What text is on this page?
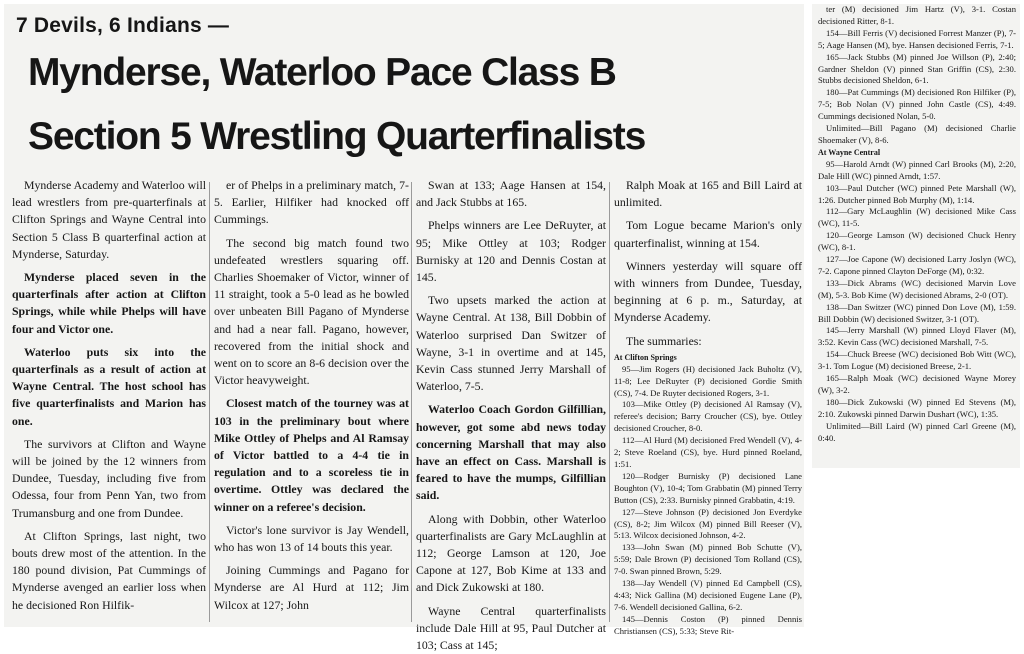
7 Devils, 6 Indians —
Mynderse, Waterloo Pace Class B
Section 5 Wrestling Quarterfinalists

Mynderse Academy and Waterloo will lead wrestlers from pre-quarterfinals at Clifton Springs and Wayne Central into Section 5 Class B quarterfinal action at Mynderse, Saturday.

Mynderse placed seven in the quarterfinals after action at Clifton Springs, while while Phelps will have four and Victor one.

Waterloo puts six into the quarterfinals as a result of action at Wayne Central. The host school has five quarterfinalists and Marion has one.

The survivors at Clifton and Wayne will be joined by the 12 winners from Dundee, Tuesday, including five from Odessa, four from Penn Yan, two from Trumansburg and one from Dundee.

At Clifton Springs, last night, two bouts drew most of the attention. In the 180 pound division, Pat Cummings of Mynderse avenged an earlier loss when he decisioned Ron Hilfik-

er of Phelps in a preliminary match, 7-5. Earlier, Hilfiker had knocked off Cummings.

The second big match found two undefeated wrestlers squaring off. Charlies Shoemaker of Victor, winner of 11 straight, took a 5-0 lead as he bowled over unbeaten Bill Pagano of Mynderse and had a near fall. Pagano, however, recovered from the initial shock and went on to score an 8-6 decision over the Victor heavyweight.

Closest match of the tourney was at 103 in the preliminary bout where Mike Ottley of Phelps and Al Ramsay of Victor battled to a 4-4 tie in regulation and to a scoreless tie in overtime. Ottley was declared the winner on a referee's decision.

Victor's lone survivor is Jay Wendell, who has won 13 of 14 bouts this year.

Joining Cummings and Pagano for Mynderse are Al Hurd at 112; Jim Wilcox at 127; John

Swan at 133; Aage Hansen at 154, and Jack Stubbs at 165.

Phelps winners are Lee DeRuyter, at 95; Mike Ottley at 103; Rodger Burnisky at 120 and Dennis Costan at 145.

Two upsets marked the action at Wayne Central. At 138, Bill Dobbin of Waterloo surprised Dan Switzer of Wayne, 3-1 in overtime and at 145, Kevin Cass stunned Jerry Marshall of Waterloo, 7-5.

Waterloo Coach Gordon Gilfillian, however, got some abd news today concerning Marshall that may also have an effect on Cass. Marshall is feared to have the mumps, Gilfillian said.

Along with Dobbin, other Waterloo quarterfinalists are Gary McLaughlin at 112; George Lamson at 120, Joe Capone at 127, Bob Kime at 133 and and Dick Zukowski at 180.

Wayne Central quarterfinalists include Dale Hill at 95, Paul Dutcher at 103; Cass at 145;

Ralph Moak at 165 and Bill Laird at unlimited.

Tom Logue became Marion's only quarterfinalist, winning at 154.

Winners yesterday will square off with winners from Dundee, Tuesday, beginning at 6 p. m., Saturday, at Mynderse Academy.

The summaries:

At Clifton Springs

95—Jim Rogers (H) decisioned Jack Buholtz (V), 11-8; Lee DeRuyter (P) decisioned Gordie Smith (CS), 7-4. De Ruyter decisioned Rogers, 3-1.

103—Mike Ottley (P) decisioned Al Ramsay (V), referee's decision; Barry Croucher (CS), bye. Ottley decisioned Croucher, 8-0.

112—Al Hurd (M) decisioned Fred Wendell (V), 4-2; Steve Roeland (CS), bye. Hurd pinned Roeland, 1:51.

120—Rodger Burnisky (P) decisioned Lane Boughton (V), 10-4; Tom Grabbatin (M) pinned Terry Button (CS), 2:33. Burnisky pinned Grabbatin, 4:19.

127—Steve Johnson (P) decisioned Jon Everdyke (CS), 8-2; Jim Wilcox (M) pinned Bill Reeser (V), 5:13. Wilcox decisioned Johnson, 4-2.

133—John Swan (M) pinned Bob Schutte (V), 5:59; Dale Brown (P) decisioned Tom Rolland (CS), 7-0. Swan pinned Brown, 5:29.

138—Jay Wendell (V) pinned Ed Campbell (CS), 4:43; Nick Gallina (M) decisioned Eugene Lane (P), 7-6. Wendell decisioned Gallina, 6-2.

145—Dennis Coston (P) pinned Dennis Christiansen (CS), 5:33; Steve Rit-

ter (M) decisioned Jim Hartz (V), 3-1. Costan decisioned Ritter, 8-1.

154—Bill Ferris (V) decisioned Forrest Manzer (P), 7-5; Aage Hansen (M), bye. Hansen decisioned Ferris, 7-1.

165—Jack Stubbs (M) pinned Joe Willson (P), 2:40; Gardner Sheldon (V) pinned Stan Griffin (CS), 2:30. Stubbs decisioned Sheldon, 6-1.

180—Pat Cummings (M) decisioned Ron Hilfiker (P), 7-5; Bob Nolan (V) pinned John Castle (CS), 4:49. Cummings decisioned Nolan, 5-0.

Unlimited—Bill Pagano (M) decisioned Charlie Shoemaker (V), 8-6.

At Wayne Central

95—Harold Arndt (W) pinned Carl Brooks (M), 2:20, Dale Hill (WC) pinned Arndt, 1:57.

103—Paul Dutcher (WC) pinned Pete Marshall (W), 1:26. Dutcher pinned Bob Murphy (M), 1:14.

112—Gary McLaughlin (W) decisioned Mike Cass (WC), 11-5.

120—George Lamson (W) decisioned Chuck Henry (WC), 8-1.

127—Joe Capone (W) decisioned Larry Joslyn (WC), 7-2. Capone pinned Clayton DeForge (M), 0:32.

133—Dick Abrams (WC) decisioned Marvin Love (M), 5-3. Bob Kime (W) decisioned Abrams, 2-0 (OT).

138—Dan Switzer (WC) pinned Don Love (M), 1:59. Bill Dobbin (W) decisioned Switzer, 3-1 (OT).

145—Jerry Marshall (W) pinned Lloyd Flaver (M), 3:52. Kevin Cass (WC) decisioned Marshall, 7-5.

154—Chuck Breese (WC) decisioned Bob Witt (WC), 3-1. Tom Logue (M) decisioned Breese, 2-1.

165—Ralph Moak (WC) decisioned Wayne Morey (W), 3-2.

180—Dick Zukowski (W) pinned Ed Stevens (M), 2:10. Zukowski pinned Darwin Dushart (WC), 1:35.

Unlimited—Bill Laird (W) pinned Carl Greene (M), 0:40.
